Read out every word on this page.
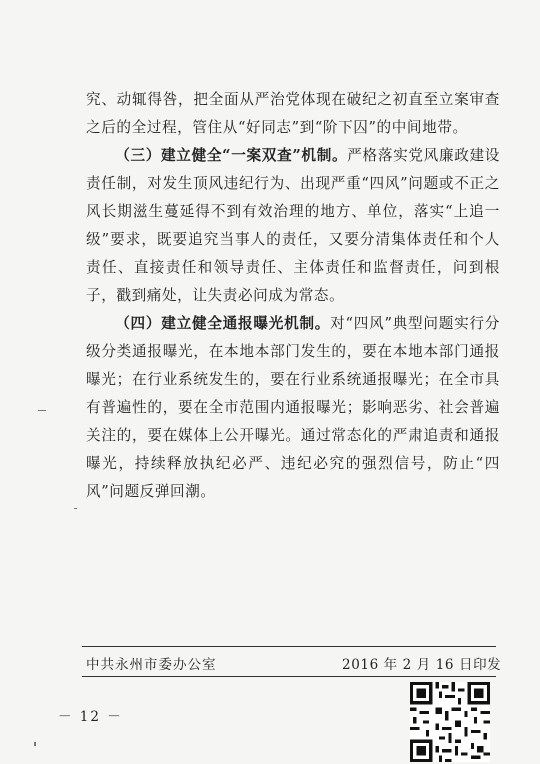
究、动辄得咎，把全面从严治党体现在破纪之初直至立案审查之后的全过程，管住从“好同志”到“阶下囚”的中间地带。

（三）建立健全“一案双查”机制。严格落实党风廉政建设责任制，对发生顶风违纪行为、出现严重“四风”问题或不正之风长期滋生蔓延得不到有效治理的地方、单位，落实“上追一级”要求，既要追究当事人的责任，又要分清集体责任和个人责任、直接责任和领导责任、主体责任和监督责任，问到根子，戳到痛处，让失责必问成为常态。

（四）建立健全通报曝光机制。对“四风”典型问题实行分级分类通报曝光，在本地本部门发生的，要在本地本部门通报曝光；在行业系统发生的，要在行业系统通报曝光；在全市具有普遍性的，要在全市范围内通报曝光；影响恶劣、社会普遍关注的，要在媒体上公开曝光。通过常态化的严肃追责和通报曝光，持续释放执纪必严、违纪必究的强烈信号，防止“四风”问题反弹回潮。

中共永州市委办公室	2016 年 2 月 16 日印发
－ 12 －
